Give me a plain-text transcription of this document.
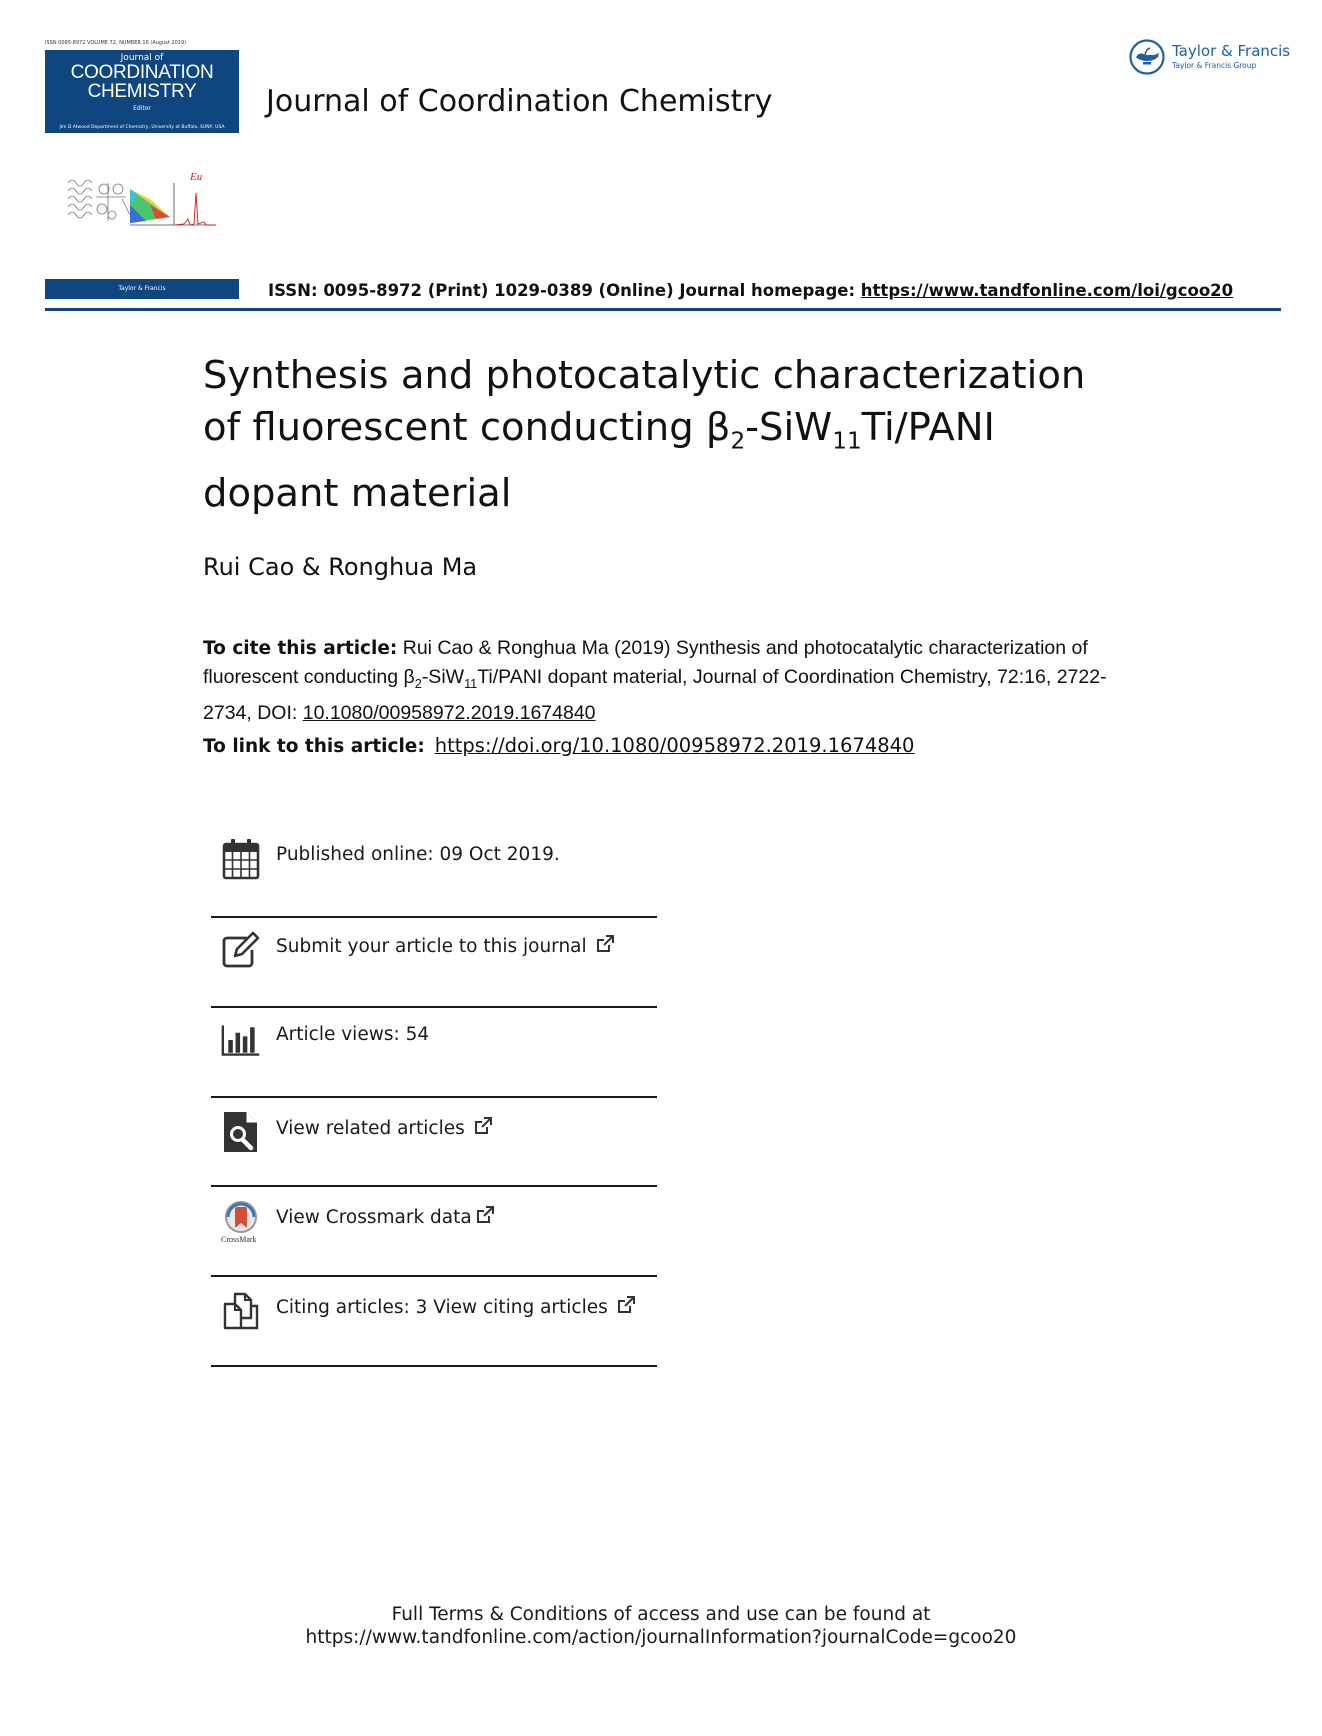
ISSN 0095-8972 VOLUME 72, NUMBER 16 (August 2019)
Journal of
COORDINATION
CHEMISTRY
Editor
Jim D Atwood Department of Chemistry, University at Buffalo, SUNY, USA
Journal of Coordination Chemistry
Taylor & Francis
Taylor & Francis Group
Eu
Taylor & Francis	ISSN: 0095-8972 (Print) 1029-0389 (Online) Journal homepage: https://www.tandfonline.com/loi/gcoo20
Synthesis and photocatalytic characterization of fluorescent conducting $\beta_2-SiW_{11}Ti$/PANI dopant material
Rui Cao & Ronghua Ma
To cite this article: Rui Cao & Ronghua Ma (2019) Synthesis and photocatalytic characterization of fluorescent conducting $\beta_2-SiW_{11}Ti$/PANI dopant material, Journal of Coordination Chemistry, 72:16, 2722-2734, DOI: 10.1080/00958972.2019.1674840
To link to this article: https://doi.org/10.1080/00958972.2019.1674840
Published online: 09 Oct 2019.
Submit your article to this journal
Article views: 54
View related articles
CrossMark
View Crossmark data
Citing articles: 3 View citing articles
Full Terms & Conditions of access and use can be found at
https://www.tandfonline.com/action/journalInformation?journalCode=gcoo20
